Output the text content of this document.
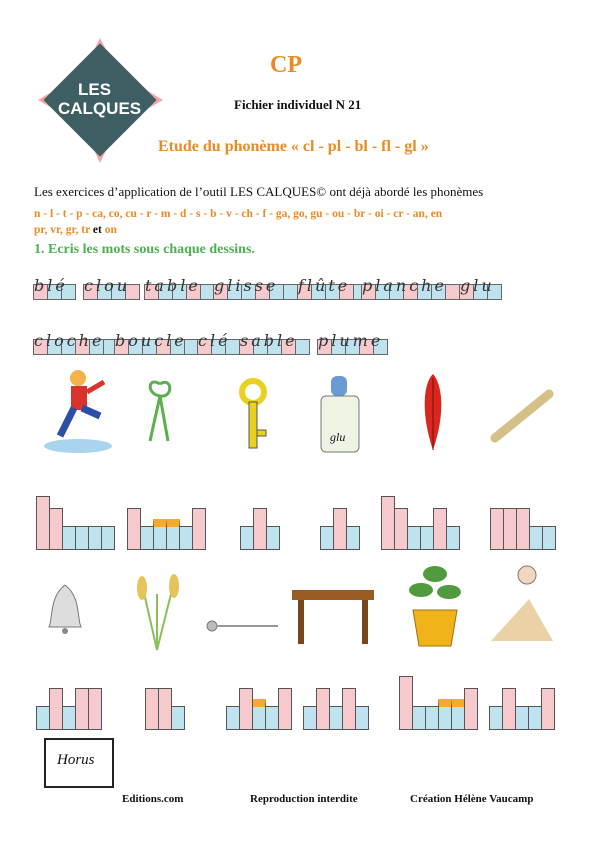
LES
CALQUES
CP
Fichier individuel N 21
Etude du phonème « cl - pl - bl - fl - gl »
Les exercices d’application de l’outil LES CALQUES© ont déjà abordé les phonèmes
n - l - t - p - ca, co, cu - r - m - d - s - b - v - ch - f - ga, go, gu - ou - br - oi - cr - an, en
pr, vr, gr, tr et on
1. Ecris les mots sous chaque dessins.
blé clou table glisse flûte planche glu
cloche boucle clé sable plume
glu
Horus
Editions.com	Reproduction interdite	Création Hélène Vaucamp
